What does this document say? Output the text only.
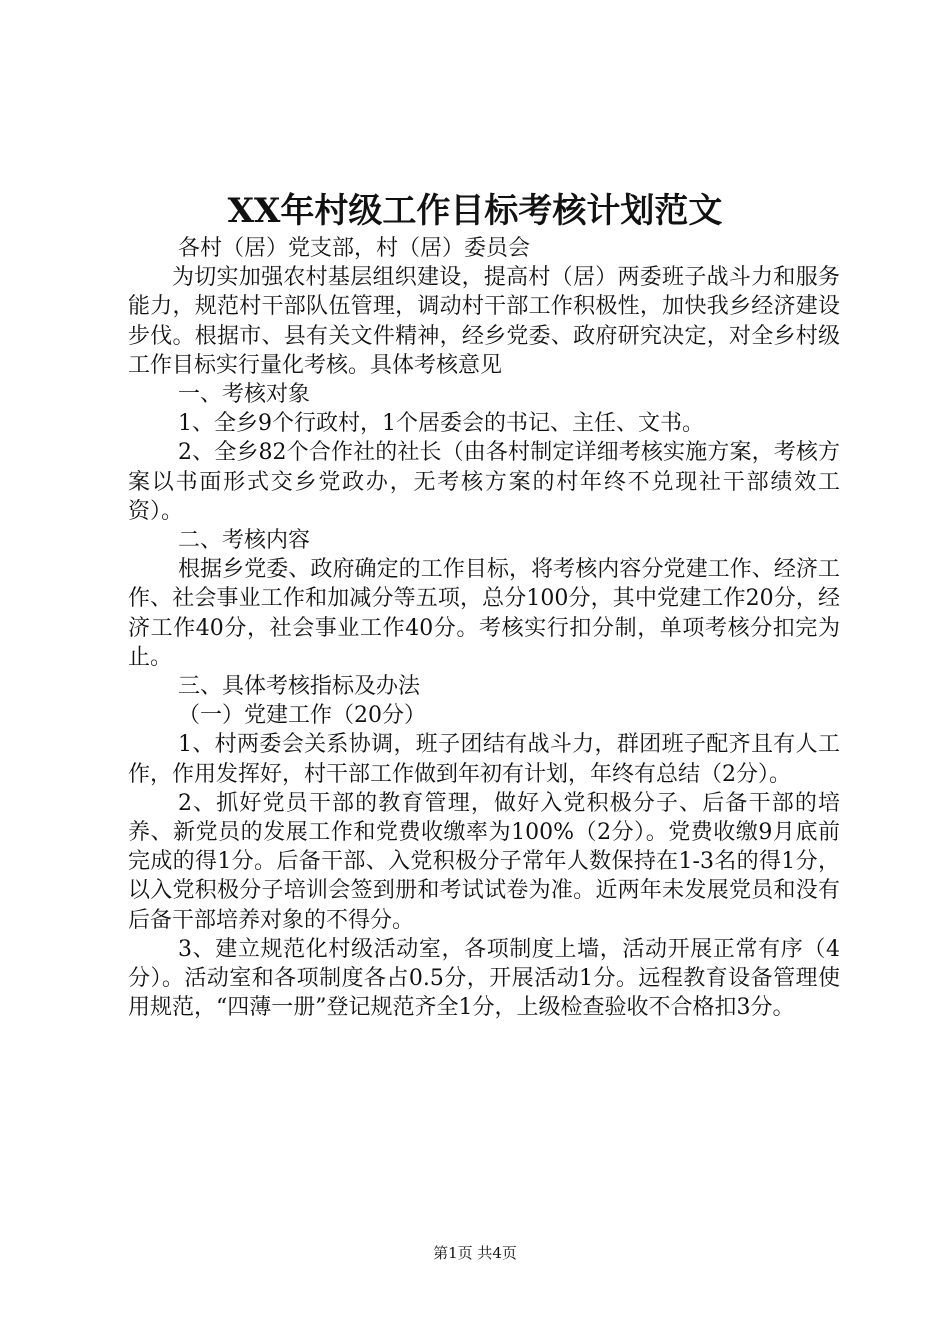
XX年村级工作目标考核计划范文

各村（居）党支部，村（居）委员会

为切实加强农村基层组织建设，提高村（居）两委班子战斗力和服务能力，规范村干部队伍管理，调动村干部工作积极性，加快我乡经济建设步伐。根据市、县有关文件精神，经乡党委、政府研究决定，对全乡村级工作目标实行量化考核。具体考核意见

一、考核对象

1、全乡9个行政村，1个居委会的书记、主任、文书。

2、全乡82个合作社的社长（由各村制定详细考核实施方案，考核方案以书面形式交乡党政办，无考核方案的村年终不兑现社干部绩效工资）。

二、考核内容

根据乡党委、政府确定的工作目标，将考核内容分党建工作、经济工作、社会事业工作和加减分等五项，总分100分，其中党建工作20分，经济工作40分，社会事业工作40分。考核实行扣分制，单项考核分扣完为止。

三、具体考核指标及办法

（一）党建工作（20分）

1、村两委会关系协调，班子团结有战斗力，群团班子配齐且有人工作，作用发挥好，村干部工作做到年初有计划，年终有总结（2分）。

2、抓好党员干部的教育管理，做好入党积极分子、后备干部的培养、新党员的发展工作和党费收缴率为100%（2分）。党费收缴9月底前完成的得1分。后备干部、入党积极分子常年人数保持在1-3名的得1分，以入党积极分子培训会签到册和考试试卷为准。近两年未发展党员和没有后备干部培养对象的不得分。

3、建立规范化村级活动室，各项制度上墙，活动开展正常有序（4分）。活动室和各项制度各占0.5分，开展活动1分。远程教育设备管理使用规范，“四薄一册”登记规范齐全1分，上级检查验收不合格扣3分。

第1页 共4页
